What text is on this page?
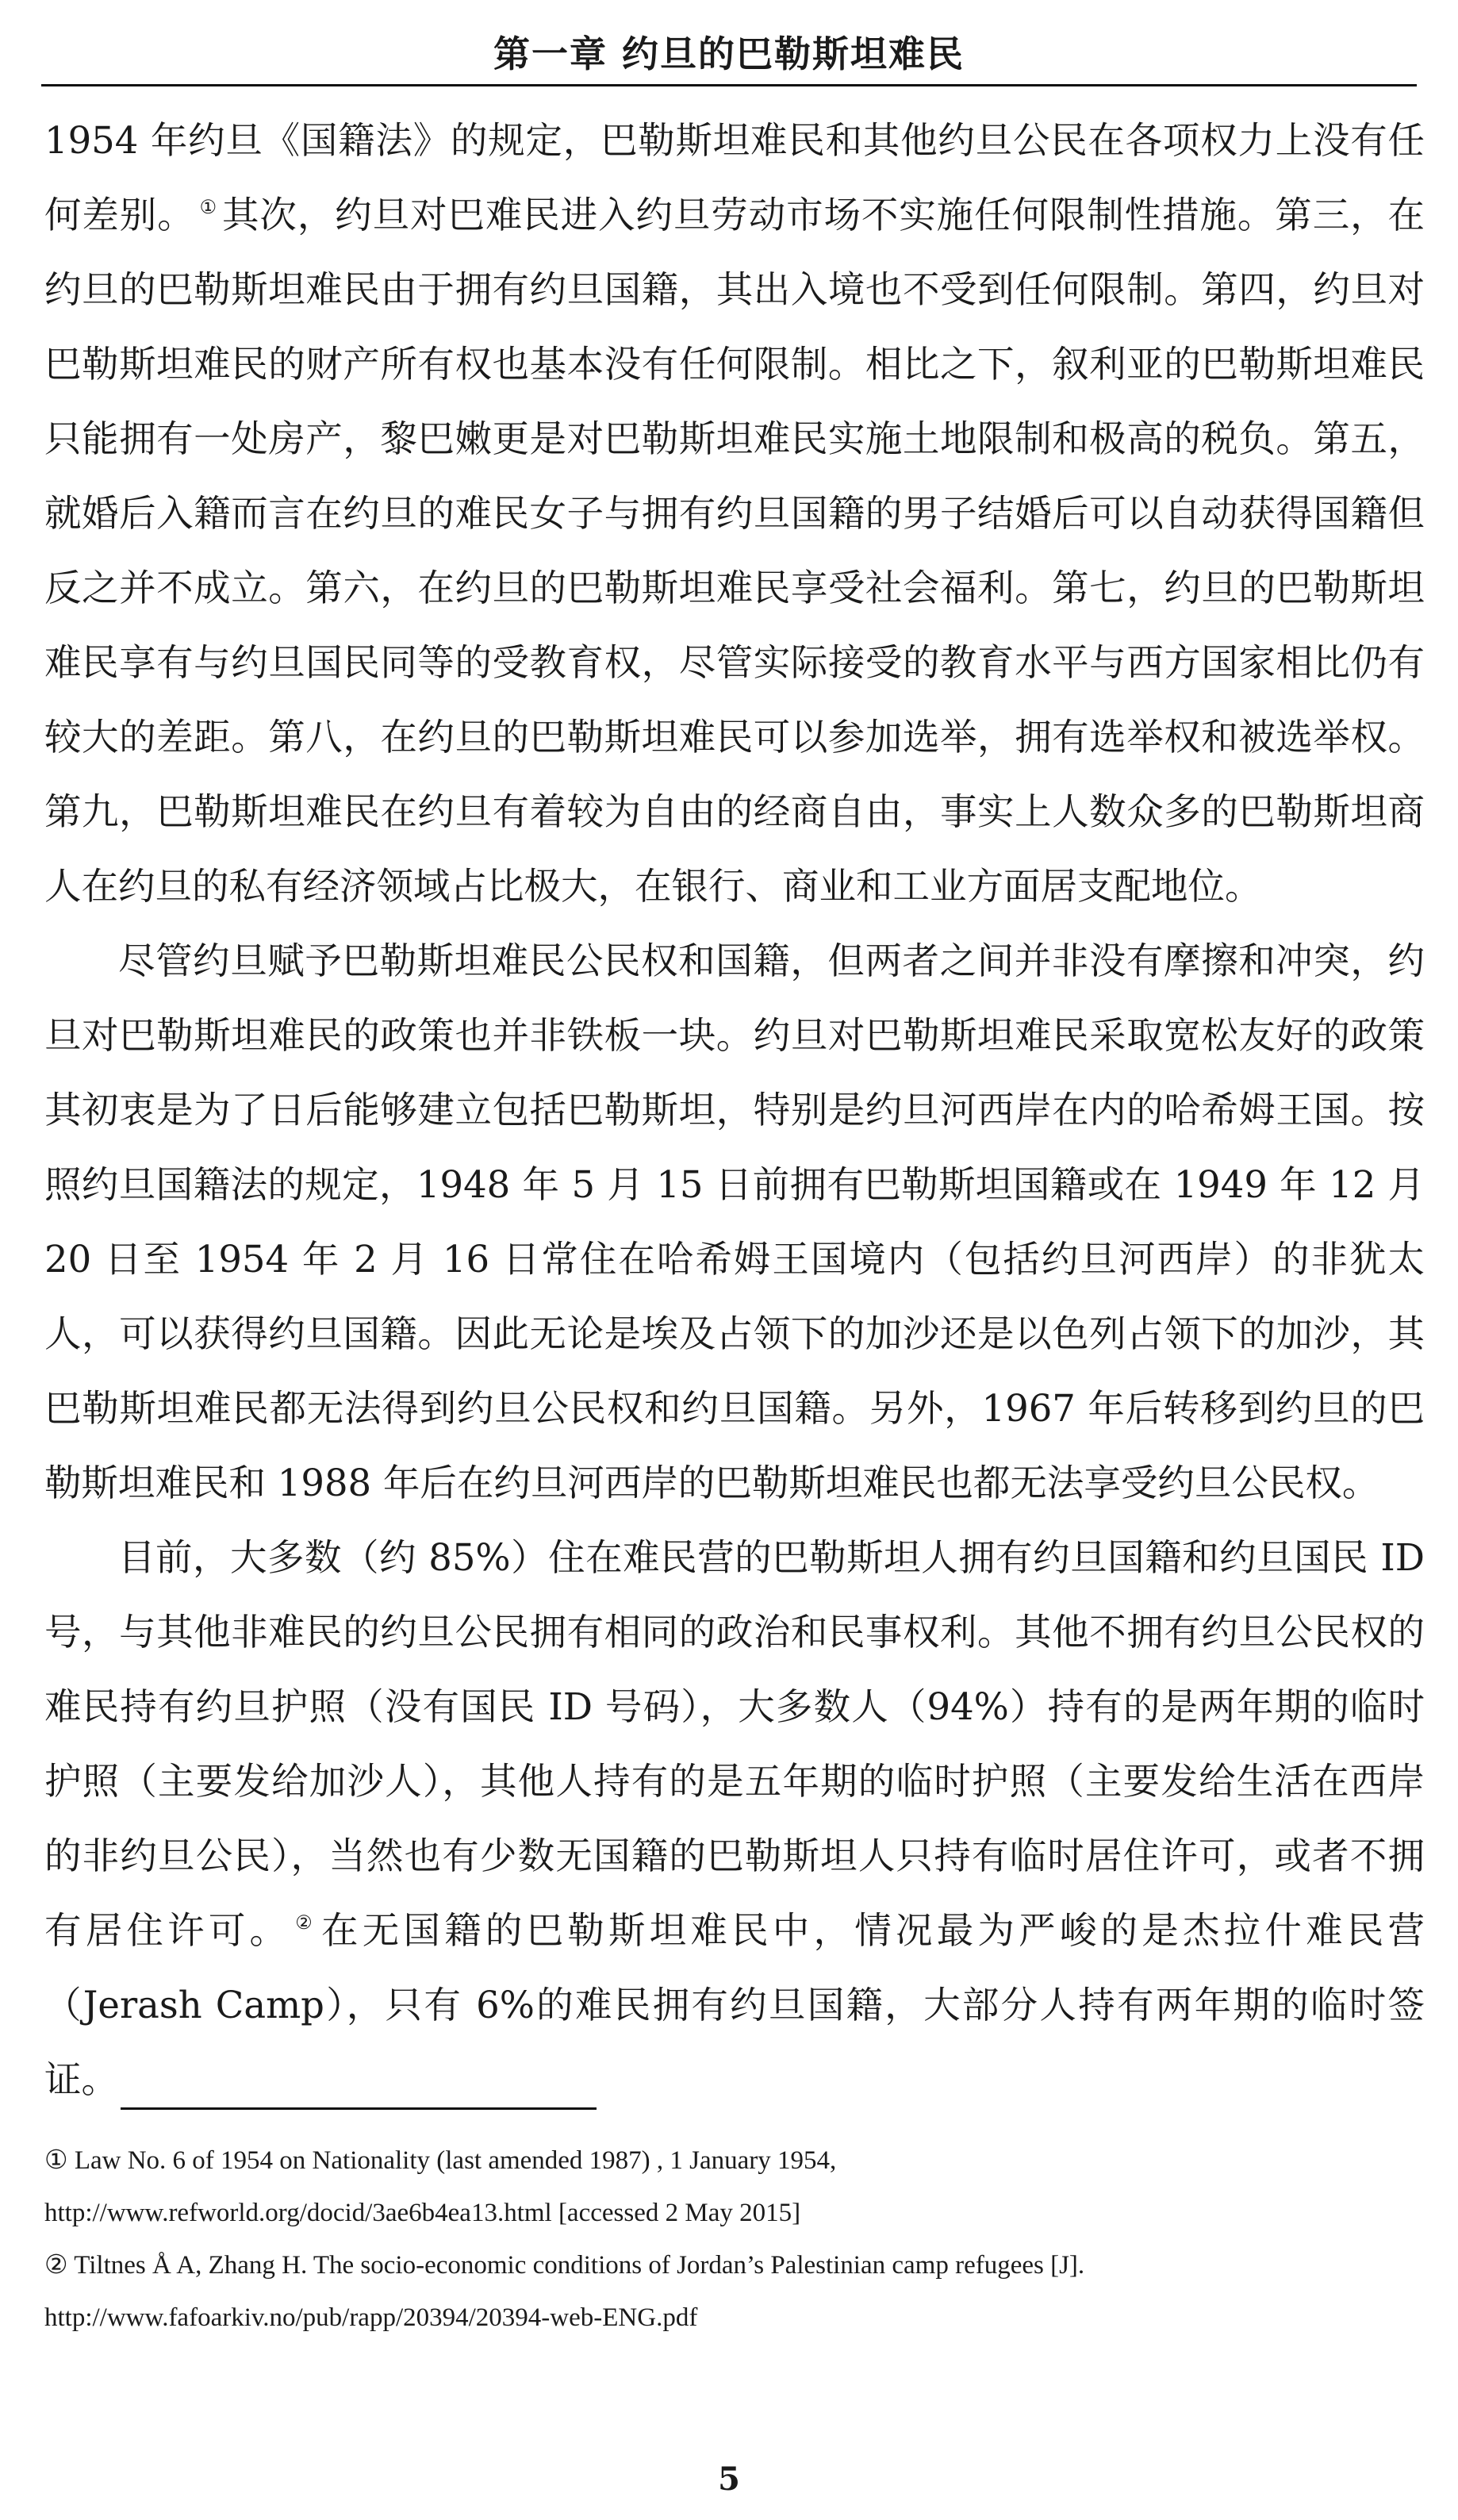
第一章 约旦的巴勒斯坦难民

1954 年约旦《国籍法》的规定，巴勒斯坦难民和其他约旦公民在各项权力上没有任何差别。 ① 其次，约旦对巴难民进入约旦劳动市场不实施任何限制性措施。第三，在约旦的巴勒斯坦难民由于拥有约旦国籍，其出入境也不受到任何限制。第四，约旦对巴勒斯坦难民的财产所有权也基本没有任何限制。相比之下，叙利亚的巴勒斯坦难民只能拥有一处房产，黎巴嫩更是对巴勒斯坦难民实施土地限制和极高的税负。第五，就婚后入籍而言在约旦的难民女子与拥有约旦国籍的男子结婚后可以自动获得国籍但反之并不成立。第六，在约旦的巴勒斯坦难民享受社会福利。第七，约旦的巴勒斯坦难民享有与约旦国民同等的受教育权，尽管实际接受的教育水平与西方国家相比仍有较大的差距。第八，在约旦的巴勒斯坦难民可以参加选举，拥有选举权和被选举权。第九，巴勒斯坦难民在约旦有着较为自由的经商自由，事实上人数众多的巴勒斯坦商人在约旦的私有经济领域占比极大，在银行、商业和工业方面居支配地位。

尽管约旦赋予巴勒斯坦难民公民权和国籍，但两者之间并非没有摩擦和冲突，约旦对巴勒斯坦难民的政策也并非铁板一块。约旦对巴勒斯坦难民采取宽松友好的政策其初衷是为了日后能够建立包括巴勒斯坦，特别是约旦河西岸在内的哈希姆王国。按照约旦国籍法的规定，1948 年 5 月 15 日前拥有巴勒斯坦国籍或在 1949 年 12 月 20 日至 1954 年 2 月 16 日常住在哈希姆王国境内（包括约旦河西岸）的非犹太人，可以获得约旦国籍。因此无论是埃及占领下的加沙还是以色列占领下的加沙，其巴勒斯坦难民都无法得到约旦公民权和约旦国籍。另外，1967 年后转移到约旦的巴勒斯坦难民和 1988 年后在约旦河西岸的巴勒斯坦难民也都无法享受约旦公民权。

目前，大多数（约 85%）住在难民营的巴勒斯坦人拥有约旦国籍和约旦国民 ID 号，与其他非难民的约旦公民拥有相同的政治和民事权利。其他不拥有约旦公民权的难民持有约旦护照（没有国民 ID 号码），大多数人（94%）持有的是两年期的临时护照（主要发给加沙人），其他人持有的是五年期的临时护照（主要发给生活在西岸的非约旦公民），当然也有少数无国籍的巴勒斯坦人只持有临时居住许可，或者不拥有居住许可。 ② 在无国籍的巴勒斯坦难民中，情况最为严峻的是杰拉什难民营（Jerash Camp），只有 6%的难民拥有约旦国籍，大部分人持有两年期的临时签证。

① Law No. 6 of 1954 on Nationality (last amended 1987) , 1 January 1954,
http://www.refworld.org/docid/3ae6b4ea13.html [accessed 2 May 2015]
② Tiltnes Å A, Zhang H. The socio-economic conditions of Jordan’s Palestinian camp refugees [J].
http://www.fafoarkiv.no/pub/rapp/20394/20394-web-ENG.pdf
5
